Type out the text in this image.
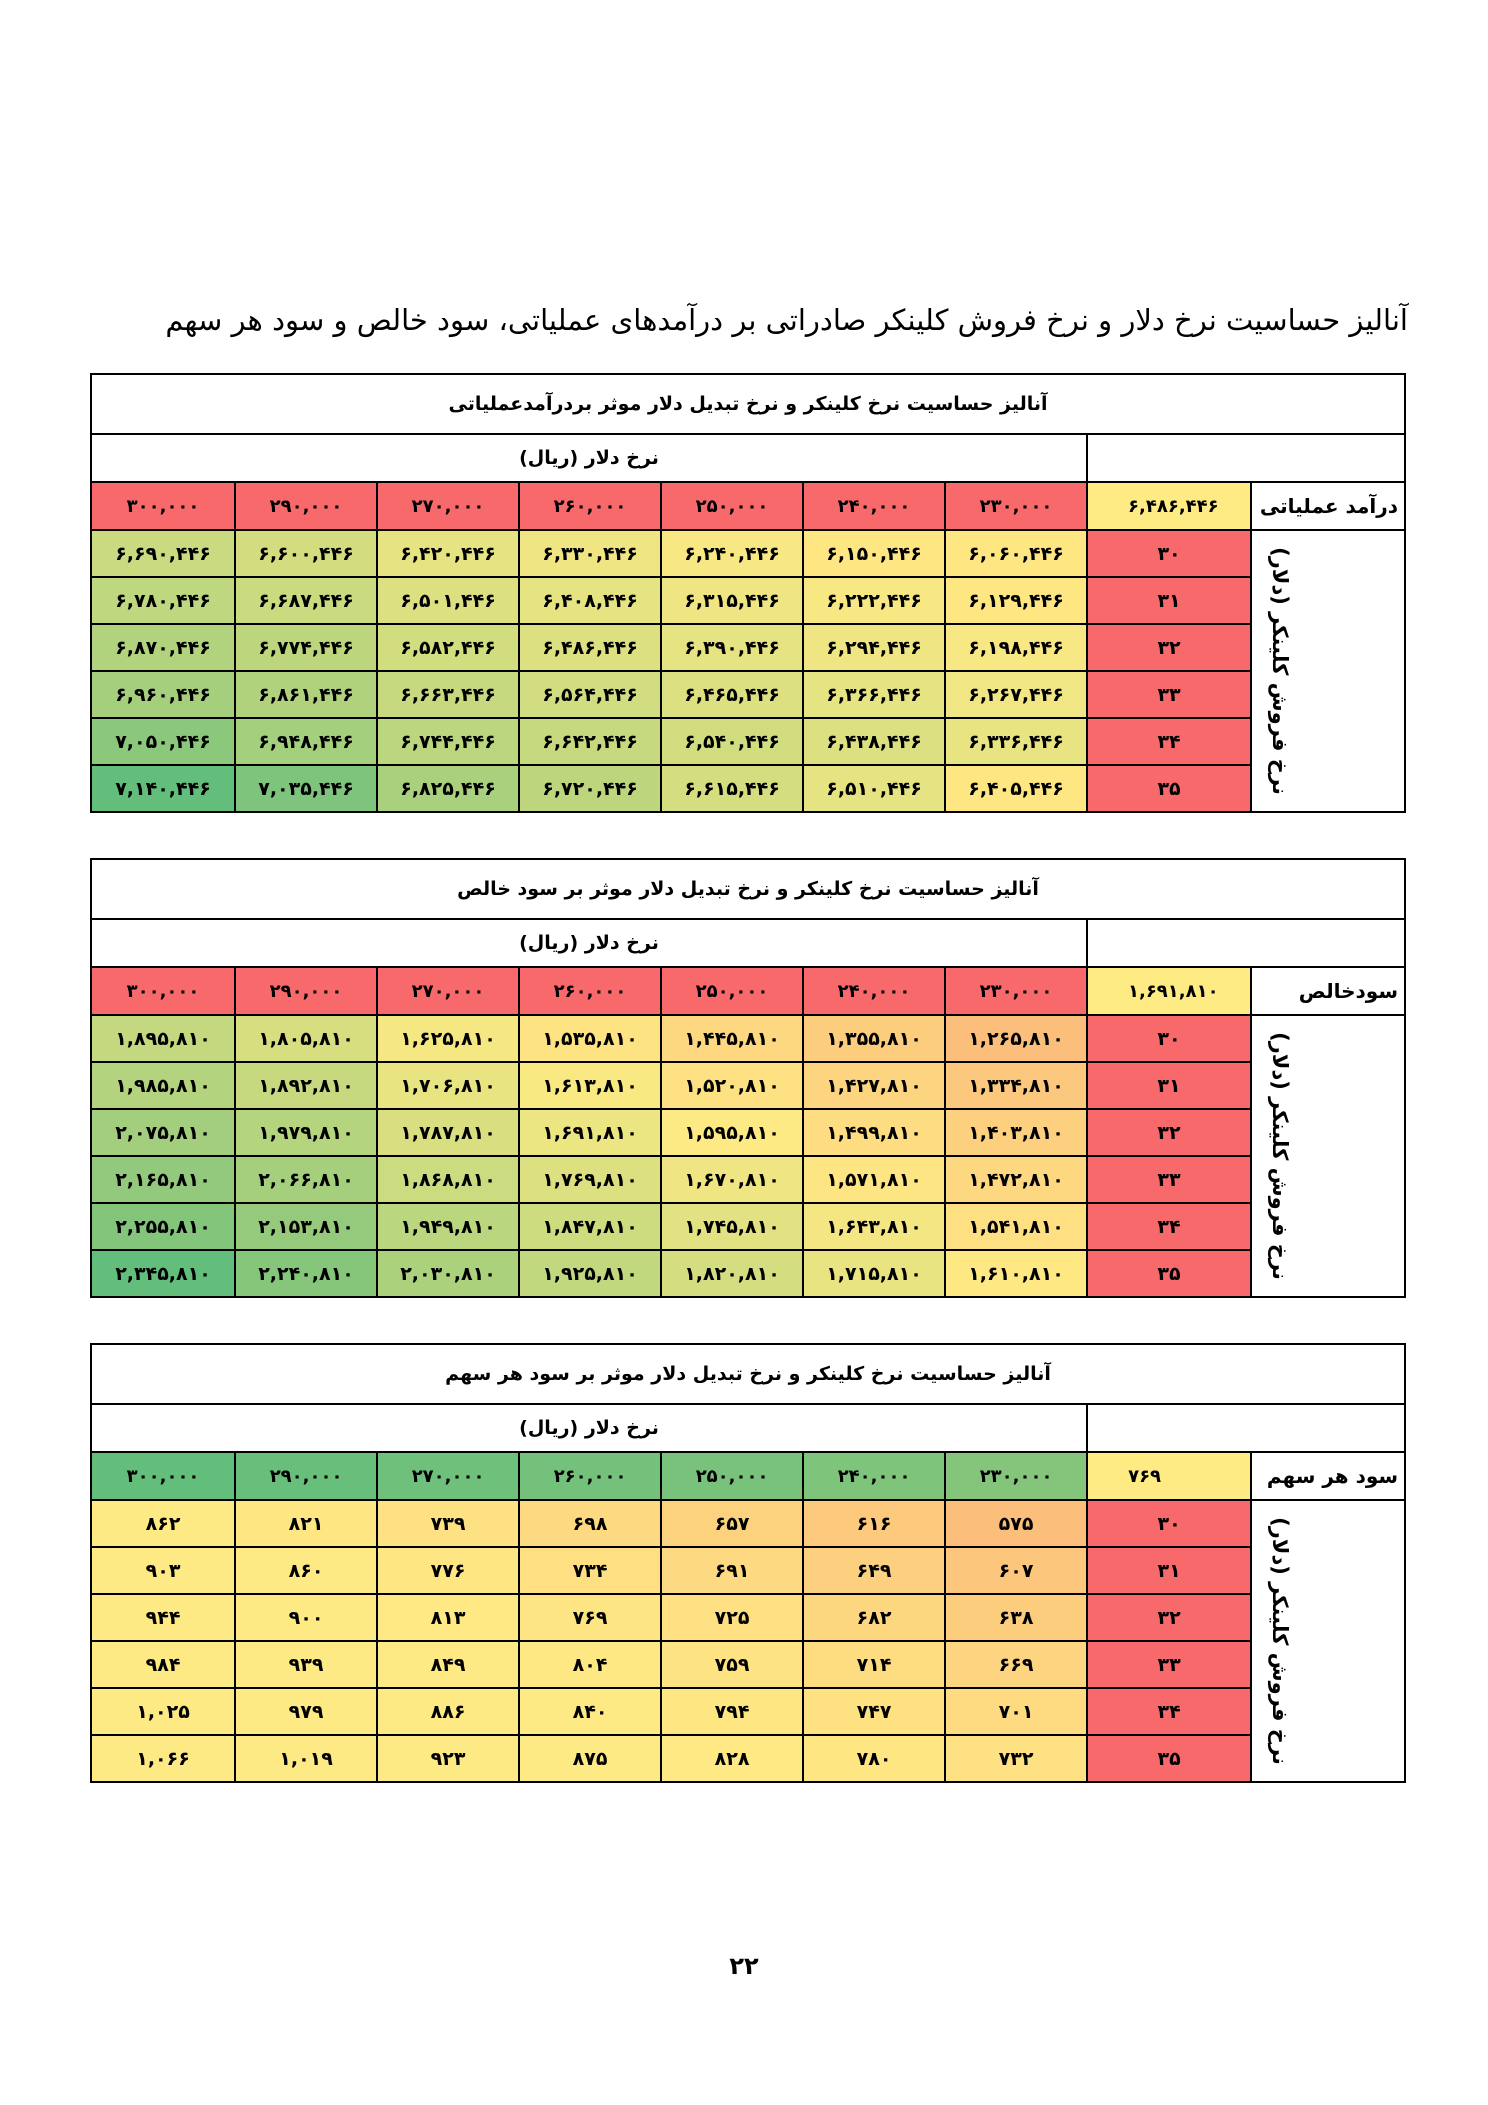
آنالیز حساسیت نرخ دلار و نرخ فروش کلینکر صادراتی بر درآمدهای عملیاتی، سود خالص و سود هر سهم
آنالیز حساسیت نرخ کلینکر و نرخ تبدیل دلار موثر بردرآمدعملیاتی								
		نرخ دلار (ریال)						
درآمد عملیاتی	۶,۴۸۶,۴۴۶	۲۳۰,۰۰۰	۲۴۰,۰۰۰	۲۵۰,۰۰۰	۲۶۰,۰۰۰	۲۷۰,۰۰۰	۲۹۰,۰۰۰	۳۰۰,۰۰۰
نرخ فروش کلینکر (دلار)	۳۰	۶,۰۶۰,۴۴۶	۶,۱۵۰,۴۴۶	۶,۲۴۰,۴۴۶	۶,۳۳۰,۴۴۶	۶,۴۲۰,۴۴۶	۶,۶۰۰,۴۴۶	۶,۶۹۰,۴۴۶
	۳۱	۶,۱۲۹,۴۴۶	۶,۲۲۲,۴۴۶	۶,۳۱۵,۴۴۶	۶,۴۰۸,۴۴۶	۶,۵۰۱,۴۴۶	۶,۶۸۷,۴۴۶	۶,۷۸۰,۴۴۶
	۳۲	۶,۱۹۸,۴۴۶	۶,۲۹۴,۴۴۶	۶,۳۹۰,۴۴۶	۶,۴۸۶,۴۴۶	۶,۵۸۲,۴۴۶	۶,۷۷۴,۴۴۶	۶,۸۷۰,۴۴۶
	۳۳	۶,۲۶۷,۴۴۶	۶,۳۶۶,۴۴۶	۶,۴۶۵,۴۴۶	۶,۵۶۴,۴۴۶	۶,۶۶۳,۴۴۶	۶,۸۶۱,۴۴۶	۶,۹۶۰,۴۴۶
	۳۴	۶,۳۳۶,۴۴۶	۶,۴۳۸,۴۴۶	۶,۵۴۰,۴۴۶	۶,۶۴۲,۴۴۶	۶,۷۴۴,۴۴۶	۶,۹۴۸,۴۴۶	۷,۰۵۰,۴۴۶
	۳۵	۶,۴۰۵,۴۴۶	۶,۵۱۰,۴۴۶	۶,۶۱۵,۴۴۶	۶,۷۲۰,۴۴۶	۶,۸۲۵,۴۴۶	۷,۰۳۵,۴۴۶	۷,۱۴۰,۴۴۶
آنالیز حساسیت نرخ کلینکر و نرخ تبدیل دلار موثر بر سود خالص								
		نرخ دلار (ریال)						
سودخالص	۱,۶۹۱,۸۱۰	۲۳۰,۰۰۰	۲۴۰,۰۰۰	۲۵۰,۰۰۰	۲۶۰,۰۰۰	۲۷۰,۰۰۰	۲۹۰,۰۰۰	۳۰۰,۰۰۰
نرخ فروش کلینکر (دلار)	۳۰	۱,۲۶۵,۸۱۰	۱,۳۵۵,۸۱۰	۱,۴۴۵,۸۱۰	۱,۵۳۵,۸۱۰	۱,۶۲۵,۸۱۰	۱,۸۰۵,۸۱۰	۱,۸۹۵,۸۱۰
	۳۱	۱,۳۳۴,۸۱۰	۱,۴۲۷,۸۱۰	۱,۵۲۰,۸۱۰	۱,۶۱۳,۸۱۰	۱,۷۰۶,۸۱۰	۱,۸۹۲,۸۱۰	۱,۹۸۵,۸۱۰
	۳۲	۱,۴۰۳,۸۱۰	۱,۴۹۹,۸۱۰	۱,۵۹۵,۸۱۰	۱,۶۹۱,۸۱۰	۱,۷۸۷,۸۱۰	۱,۹۷۹,۸۱۰	۲,۰۷۵,۸۱۰
	۳۳	۱,۴۷۲,۸۱۰	۱,۵۷۱,۸۱۰	۱,۶۷۰,۸۱۰	۱,۷۶۹,۸۱۰	۱,۸۶۸,۸۱۰	۲,۰۶۶,۸۱۰	۲,۱۶۵,۸۱۰
	۳۴	۱,۵۴۱,۸۱۰	۱,۶۴۳,۸۱۰	۱,۷۴۵,۸۱۰	۱,۸۴۷,۸۱۰	۱,۹۴۹,۸۱۰	۲,۱۵۳,۸۱۰	۲,۲۵۵,۸۱۰
	۳۵	۱,۶۱۰,۸۱۰	۱,۷۱۵,۸۱۰	۱,۸۲۰,۸۱۰	۱,۹۲۵,۸۱۰	۲,۰۳۰,۸۱۰	۲,۲۴۰,۸۱۰	۲,۳۴۵,۸۱۰
آنالیز حساسیت نرخ کلینکر و نرخ تبدیل دلار موثر بر سود هر سهم								
		نرخ دلار (ریال)						
سود هر سهم	۷۶۹	۲۳۰,۰۰۰	۲۴۰,۰۰۰	۲۵۰,۰۰۰	۲۶۰,۰۰۰	۲۷۰,۰۰۰	۲۹۰,۰۰۰	۳۰۰,۰۰۰
نرخ فروش کلینکر (دلار)	۳۰	۵۷۵	۶۱۶	۶۵۷	۶۹۸	۷۳۹	۸۲۱	۸۶۲
	۳۱	۶۰۷	۶۴۹	۶۹۱	۷۳۴	۷۷۶	۸۶۰	۹۰۳
	۳۲	۶۳۸	۶۸۲	۷۲۵	۷۶۹	۸۱۳	۹۰۰	۹۴۴
	۳۳	۶۶۹	۷۱۴	۷۵۹	۸۰۴	۸۴۹	۹۳۹	۹۸۴
	۳۴	۷۰۱	۷۴۷	۷۹۴	۸۴۰	۸۸۶	۹۷۹	۱,۰۲۵
	۳۵	۷۳۲	۷۸۰	۸۲۸	۸۷۵	۹۲۳	۱,۰۱۹	۱,۰۶۶
۲۲
